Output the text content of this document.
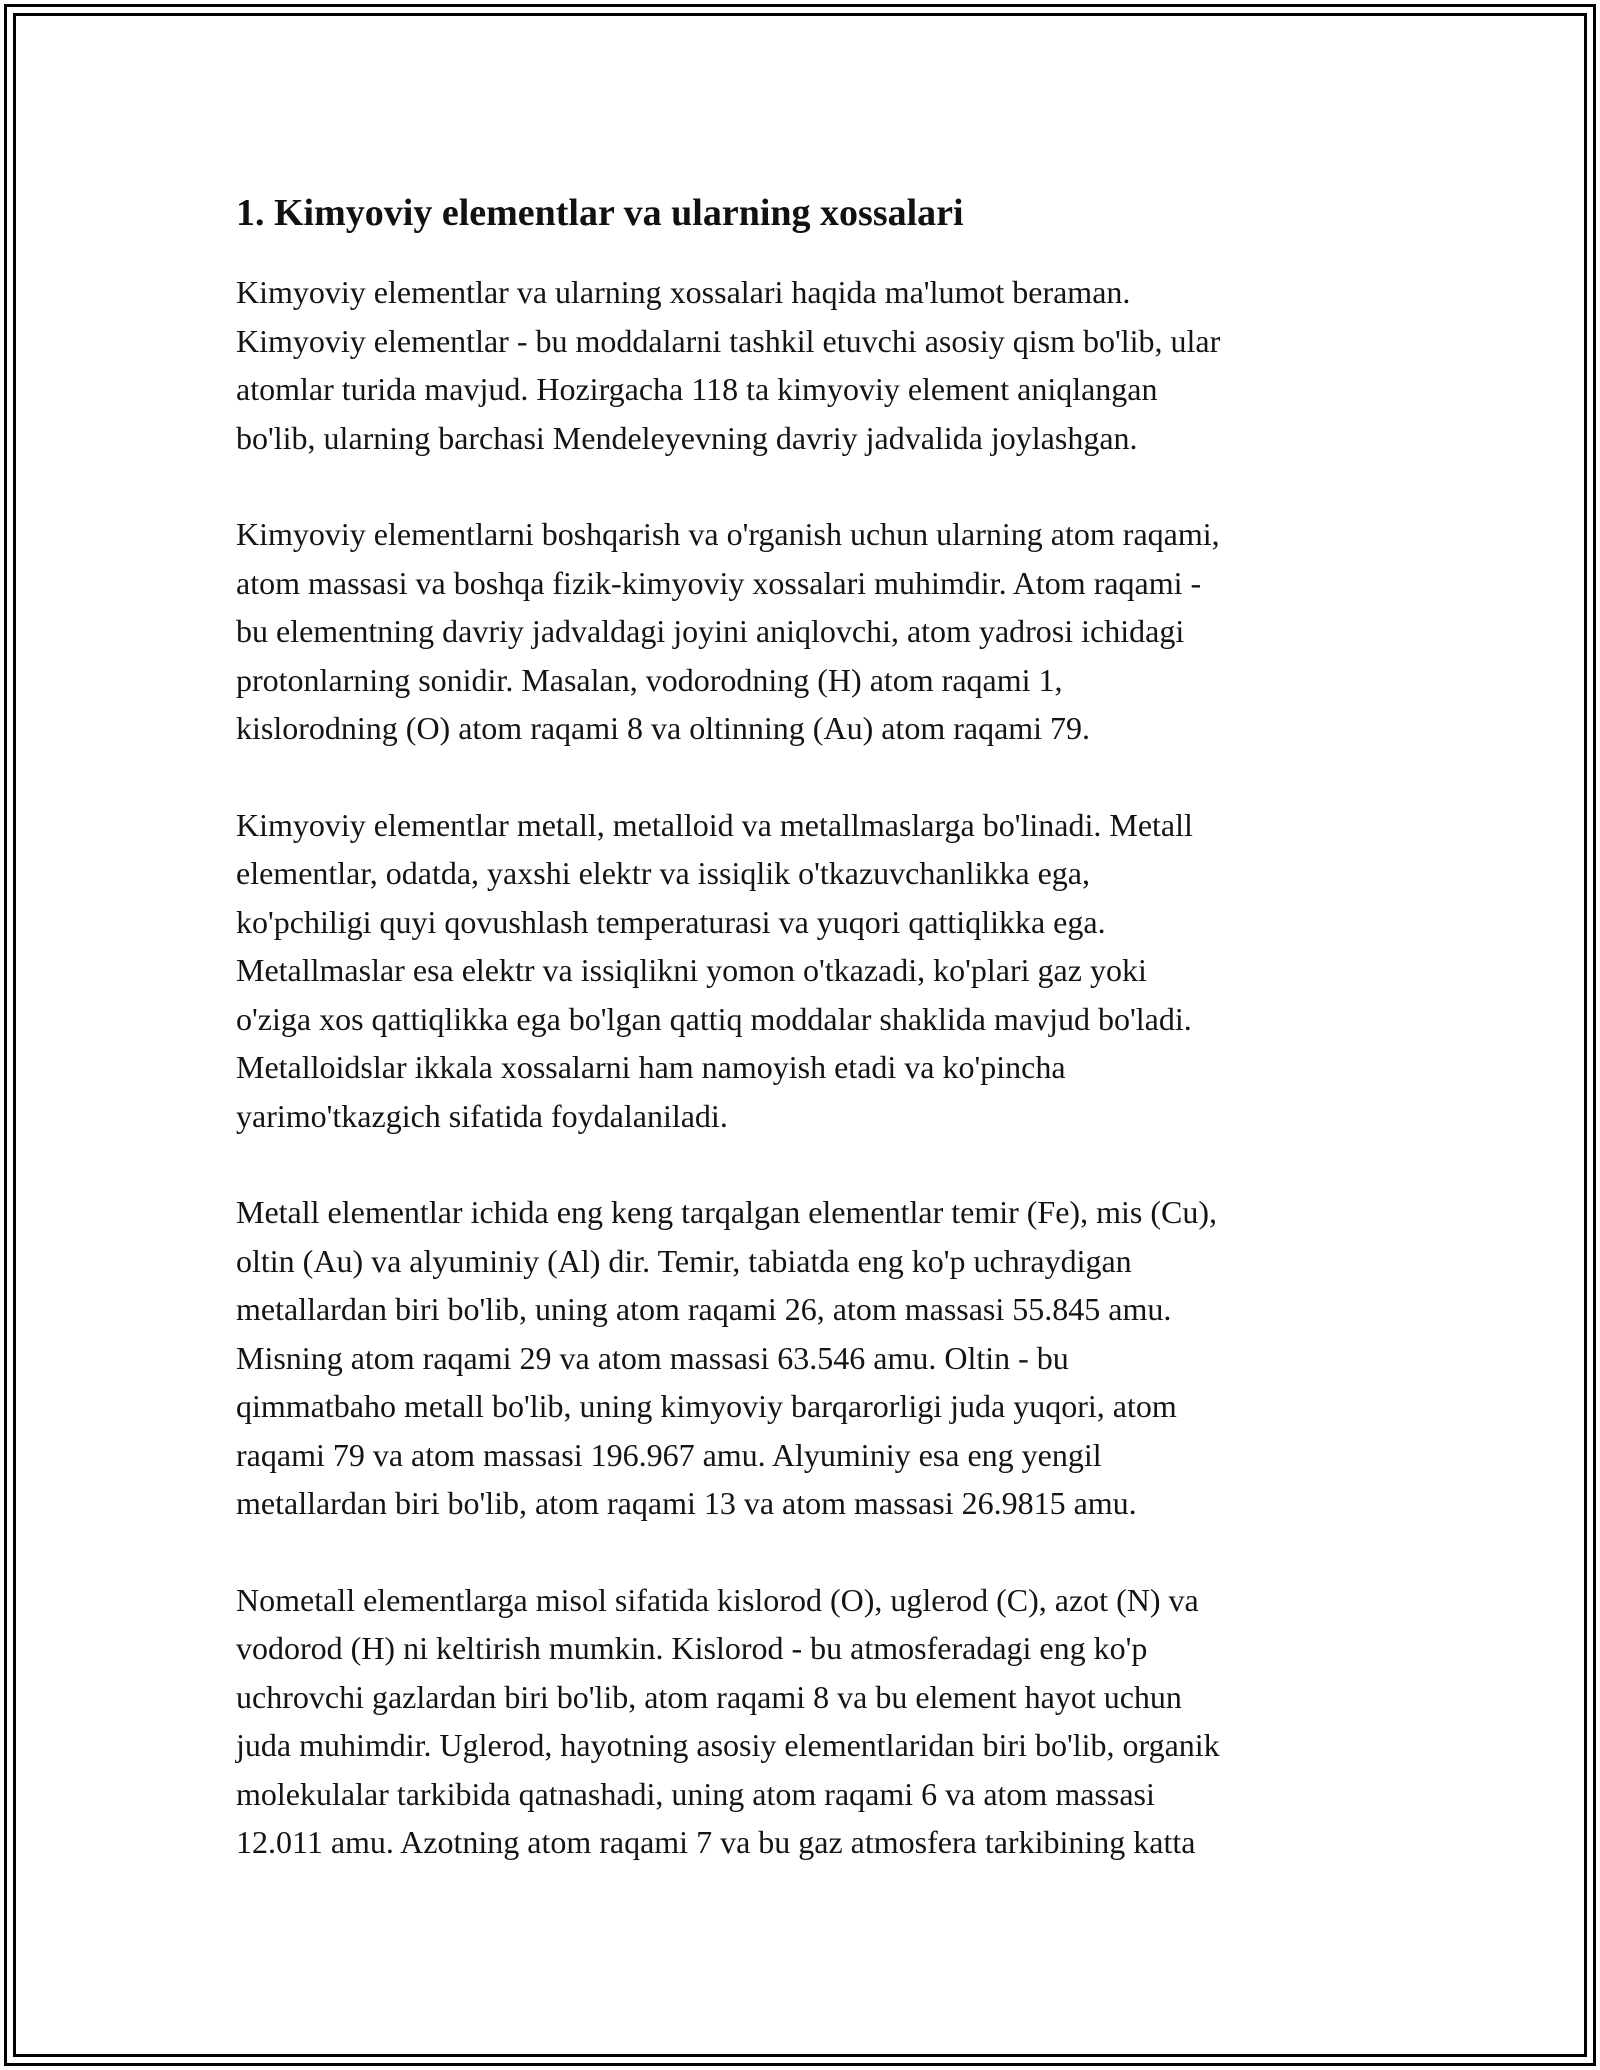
1. Kimyoviy elementlar va ularning xossalari

Kimyoviy elementlar va ularning xossalari haqida ma'lumot beraman.
Kimyoviy elementlar - bu moddalarni tashkil etuvchi asosiy qism bo'lib, ular
atomlar turida mavjud. Hozirgacha 118 ta kimyoviy element aniqlangan
bo'lib, ularning barchasi Mendeleyevning davriy jadvalida joylashgan.

Kimyoviy elementlarni boshqarish va o'rganish uchun ularning atom raqami,
atom massasi va boshqa fizik-kimyoviy xossalari muhimdir. Atom raqami -
bu elementning davriy jadvaldagi joyini aniqlovchi, atom yadrosi ichidagi
protonlarning sonidir. Masalan, vodorodning (H) atom raqami 1,
kislorodning (O) atom raqami 8 va oltinning (Au) atom raqami 79.

Kimyoviy elementlar metall, metalloid va metallmaslarga bo'linadi. Metall
elementlar, odatda, yaxshi elektr va issiqlik o'tkazuvchanlikka ega,
ko'pchiligi quyi qovushlash temperaturasi va yuqori qattiqlikka ega.
Metallmaslar esa elektr va issiqlikni yomon o'tkazadi, ko'plari gaz yoki
o'ziga xos qattiqlikka ega bo'lgan qattiq moddalar shaklida mavjud bo'ladi.
Metalloidslar ikkala xossalarni ham namoyish etadi va ko'pincha
yarimo'tkazgich sifatida foydalaniladi.

Metall elementlar ichida eng keng tarqalgan elementlar temir (Fe), mis (Cu),
oltin (Au) va alyuminiy (Al) dir. Temir, tabiatda eng ko'p uchraydigan
metallardan biri bo'lib, uning atom raqami 26, atom massasi 55.845 amu.
Misning atom raqami 29 va atom massasi 63.546 amu. Oltin - bu
qimmatbaho metall bo'lib, uning kimyoviy barqarorligi juda yuqori, atom
raqami 79 va atom massasi 196.967 amu. Alyuminiy esa eng yengil
metallardan biri bo'lib, atom raqami 13 va atom massasi 26.9815 amu.

Nometall elementlarga misol sifatida kislorod (O), uglerod (C), azot (N) va
vodorod (H) ni keltirish mumkin. Kislorod - bu atmosferadagi eng ko'p
uchrovchi gazlardan biri bo'lib, atom raqami 8 va bu element hayot uchun
juda muhimdir. Uglerod, hayotning asosiy elementlaridan biri bo'lib, organik
molekulalar tarkibida qatnashadi, uning atom raqami 6 va atom massasi
12.011 amu. Azotning atom raqami 7 va bu gaz atmosfera tarkibining katta
